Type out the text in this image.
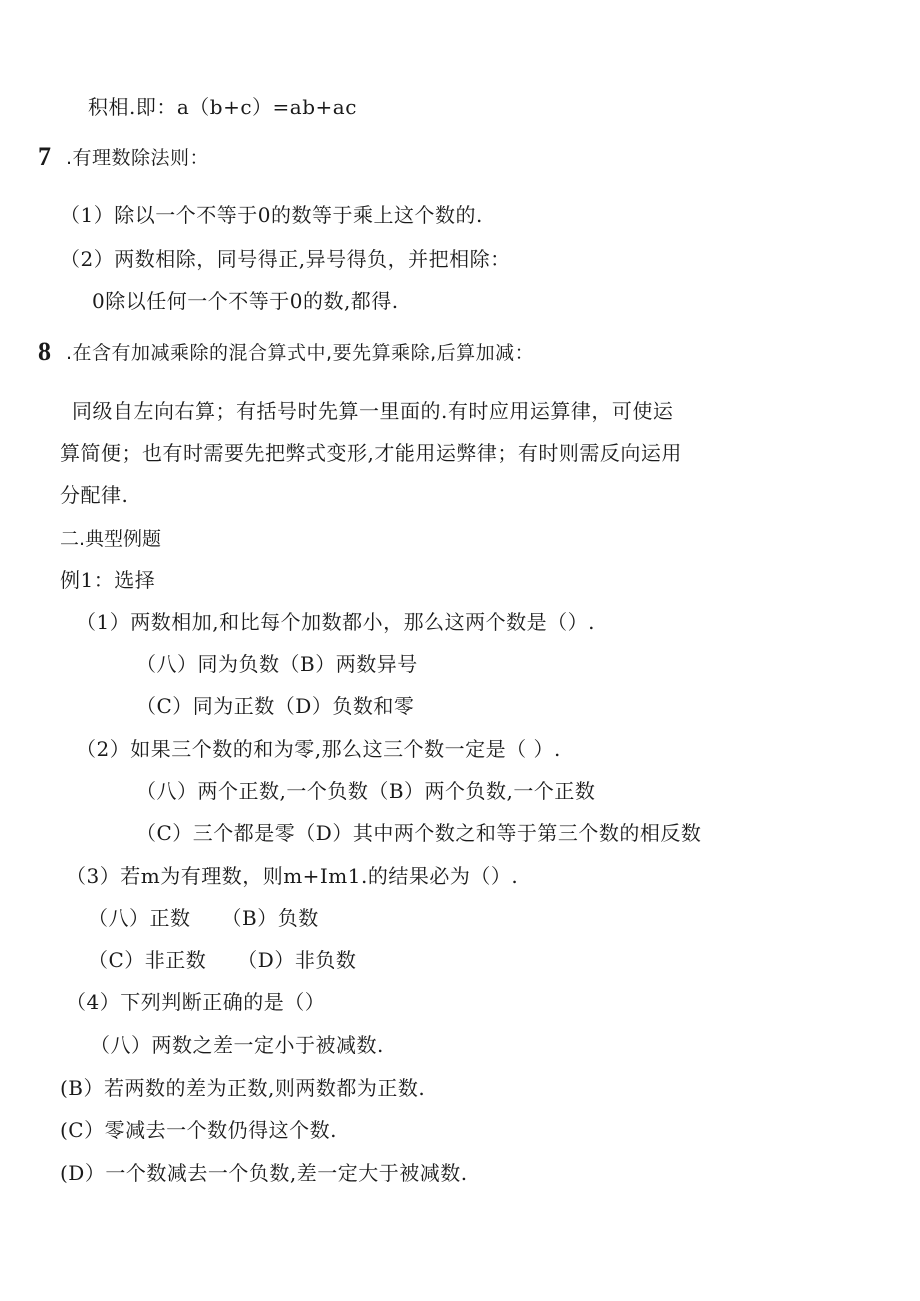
积相.即：a（b+c）=ab+ac
7 .有理数除法则：
（1）除以一个不等于0的数等于乘上这个数的.
（2）两数相除，同号得正,异号得负，并把相除：
0除以任何一个不等于0的数,都得.
8 .在含有加减乘除的混合算式中,要先算乘除,后算加减：
同级自左向右算；有括号时先算一里面的.有时应用运算律，可使运
算简便；也有时需要先把弊式变形,才能用运弊律；有时则需反向运用
分配律.
二.典型例题
例1：选择
（1）两数相加,和比每个加数都小，那么这两个数是（）.
（八）同为负数（B）两数异号
（C）同为正数（D）负数和零
（2）如果三个数的和为零,那么这三个数一定是（ ）.
（八）两个正数,一个负数（B）两个负数,一个正数
（C）三个都是零（D）其中两个数之和等于第三个数的相反数
（3）若m为有理数，则m+Im1.的结果必为（）.
（八）正数　　（B）负数
（C）非正数　　（D）非负数
（4）下列判断正确的是（）
（八）两数之差一定小于被减数.
(B）若两数的差为正数,则两数都为正数.
(C）零减去一个数仍得这个数.
(D）一个数减去一个负数,差一定大于被减数.
